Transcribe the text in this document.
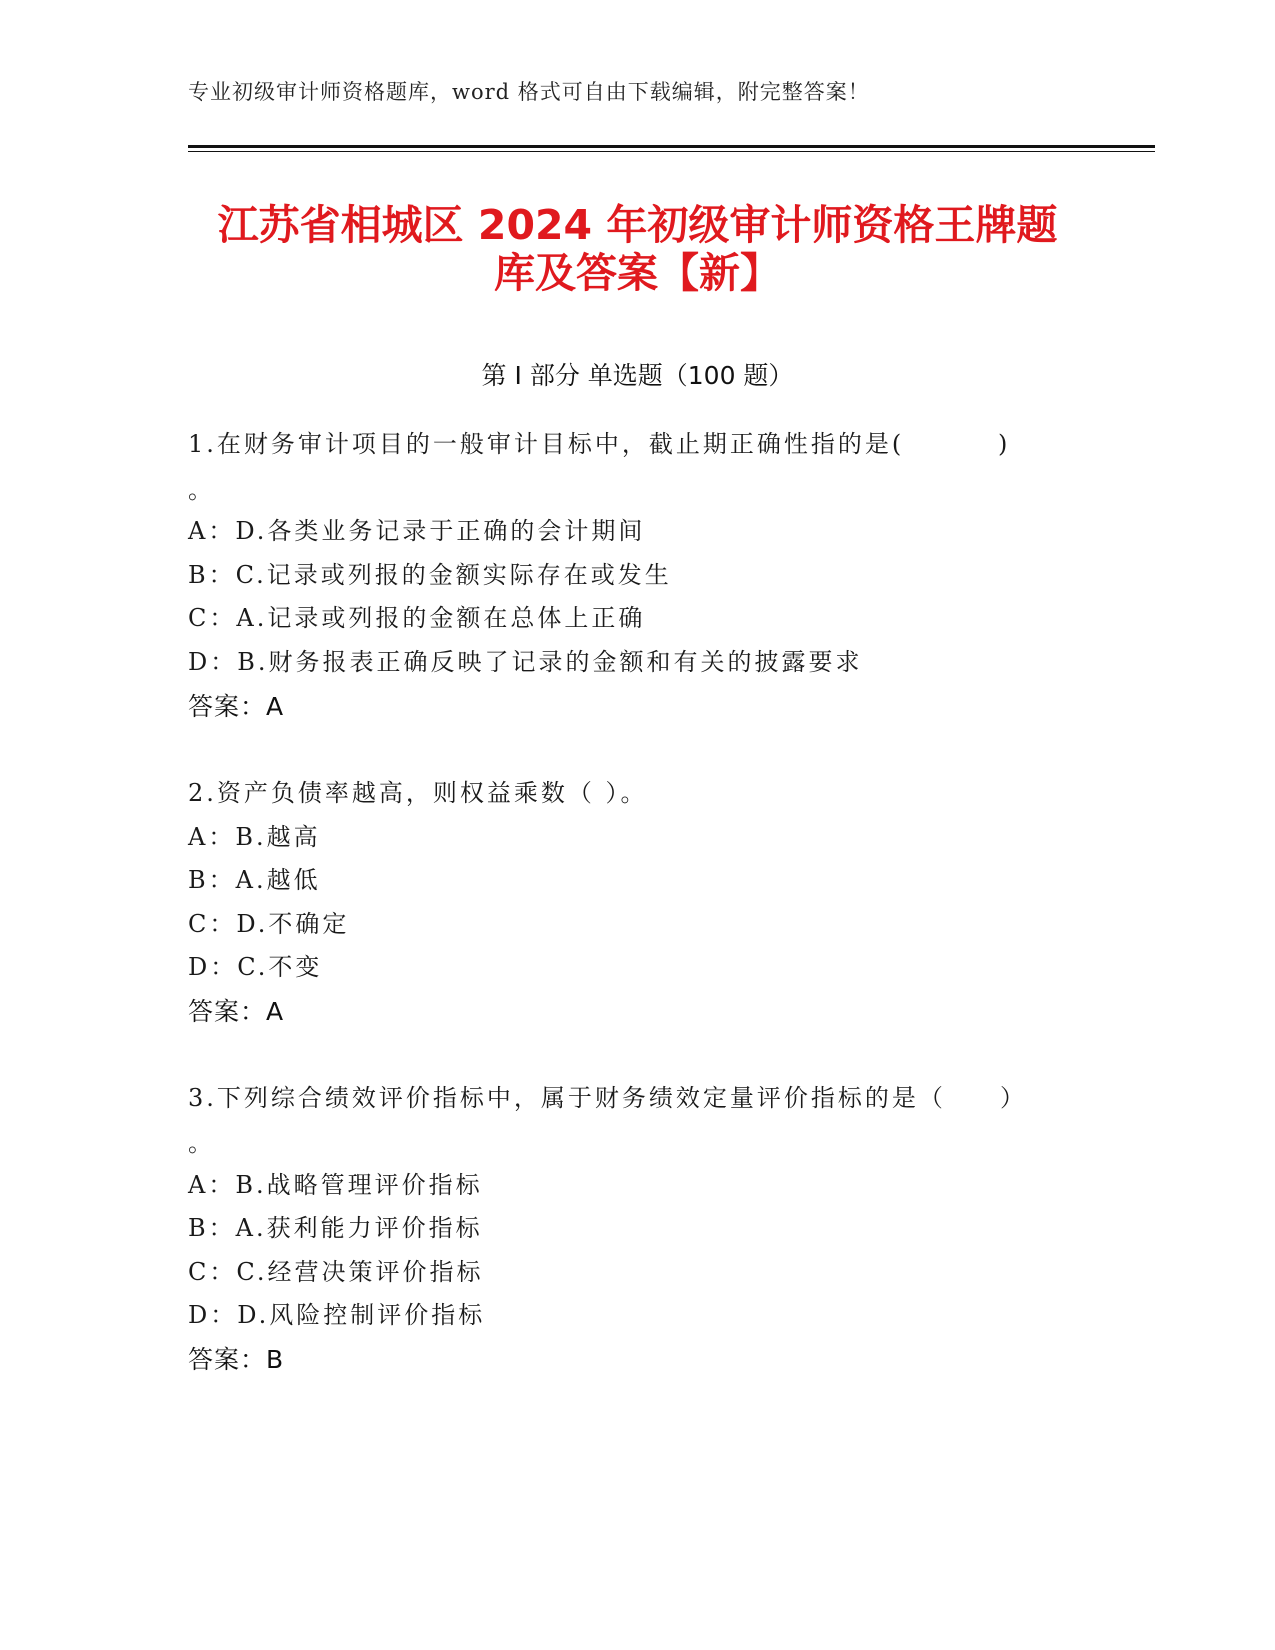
专业初级审计师资格题库，word 格式可自由下载编辑，附完整答案！
江苏省相城区 2024 年初级审计师资格王牌题
库及答案【新】
第 I 部分 单选题（100 题）
1.在财务审计项目的一般审计目标中，截止期正确性指的是(	)
。
A：D.各类业务记录于正确的会计期间
B：C.记录或列报的金额实际存在或发生
C：A.记录或列报的金额在总体上正确
D：B.财务报表正确反映了记录的金额和有关的披露要求
答案：A
2.资产负债率越高，则权益乘数（ ）。
A：B.越高
B：A.越低
C：D.不确定
D：C.不变
答案：A
3.下列综合绩效评价指标中，属于财务绩效定量评价指标的是（ ）
。
A：B.战略管理评价指标
B：A.获利能力评价指标
C：C.经营决策评价指标
D：D.风险控制评价指标
答案：B
